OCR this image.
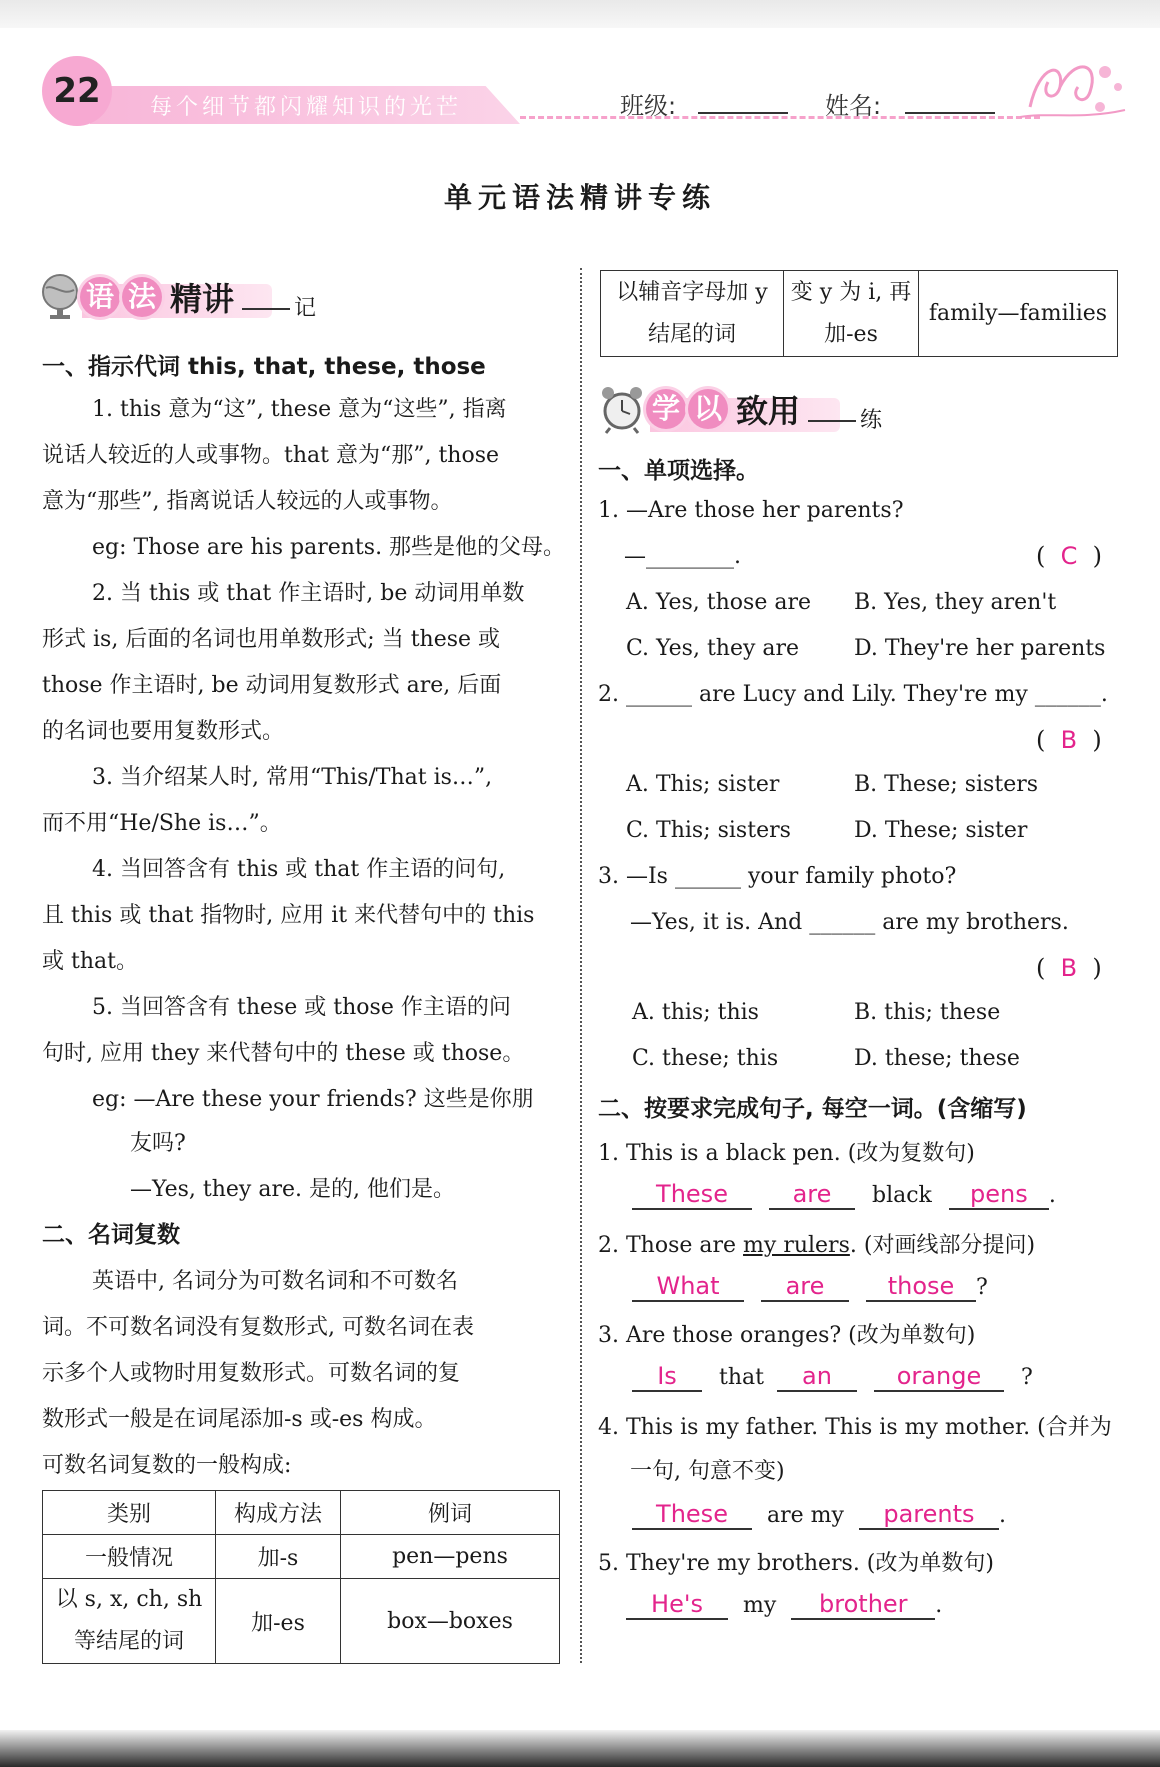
22	每个细节都闪耀知识的光芒	班级:	姓名:
单元语法精讲专练
语 法 精讲	记
一、指示代词 this, that, these, those
1. this 意为“这”, these 意为“这些”, 指离
说话人较近的人或事物。that 意为“那”, those
意为“那些”, 指离说话人较远的人或事物。
eg: Those are his parents. 那些是他的父母。
2. 当 this 或 that 作主语时, be 动词用单数
形式 is, 后面的名词也用单数形式; 当 these 或
those 作主语时, be 动词用复数形式 are, 后面
的名词也要用复数形式。
3. 当介绍某人时, 常用“This/That is…”,
而不用“He/She is…”。
4. 当回答含有 this 或 that 作主语的问句,
且 this 或 that 指物时, 应用 it 来代替句中的 this
或 that。
5. 当回答含有 these 或 those 作主语的问
句时, 应用 they 来代替句中的 these 或 those。
eg: —Are these your friends? 这些是你朋
友吗?
—Yes, they are. 是的, 他们是。
二、名词复数
英语中, 名词分为可数名词和不可数名
词。不可数名词没有复数形式, 可数名词在表
示多个人或物时用复数形式。可数名词的复
数形式一般是在词尾添加-s 或-es 构成。
可数名词复数的一般构成:
类别	构成方法	例词
一般情况	加-s	pen—pens
以 s, x, ch, sh 等结尾的词	加-es	box—boxes
以辅音字母加 y 结尾的词	变 y 为 i, 再加-es	family—families
学 以 致用	练
一、单项选择。
1. —Are those her parents?
—________.	(  C  )
A. Yes, those are B. Yes, they aren't
C. Yes, they are D. They're her parents
2. ______ are Lucy and Lily. They're my ______.
(  B  )
A. This; sister	B. These; sisters
C. This; sisters	D. These; sister
3. —Is ______ your family photo?
—Yes, it is. And ______ are my brothers.
(  B  )
A. this; this	B. this; these
C. these; this	D. these; these
二、按要求完成句子, 每空一词。(含缩写)
1. This is a black pen. (改为复数句)
These	are black pens .
2. Those are my rulers. (对画线部分提问)
What	are	those ?
3. Are those oranges? (改为单数句)
Is that an	orange ?
4. This is my father. This is my mother. (合并为
一句, 句意不变)
These are my parents .
5. They're my brothers. (改为单数句)
He's my brother .
